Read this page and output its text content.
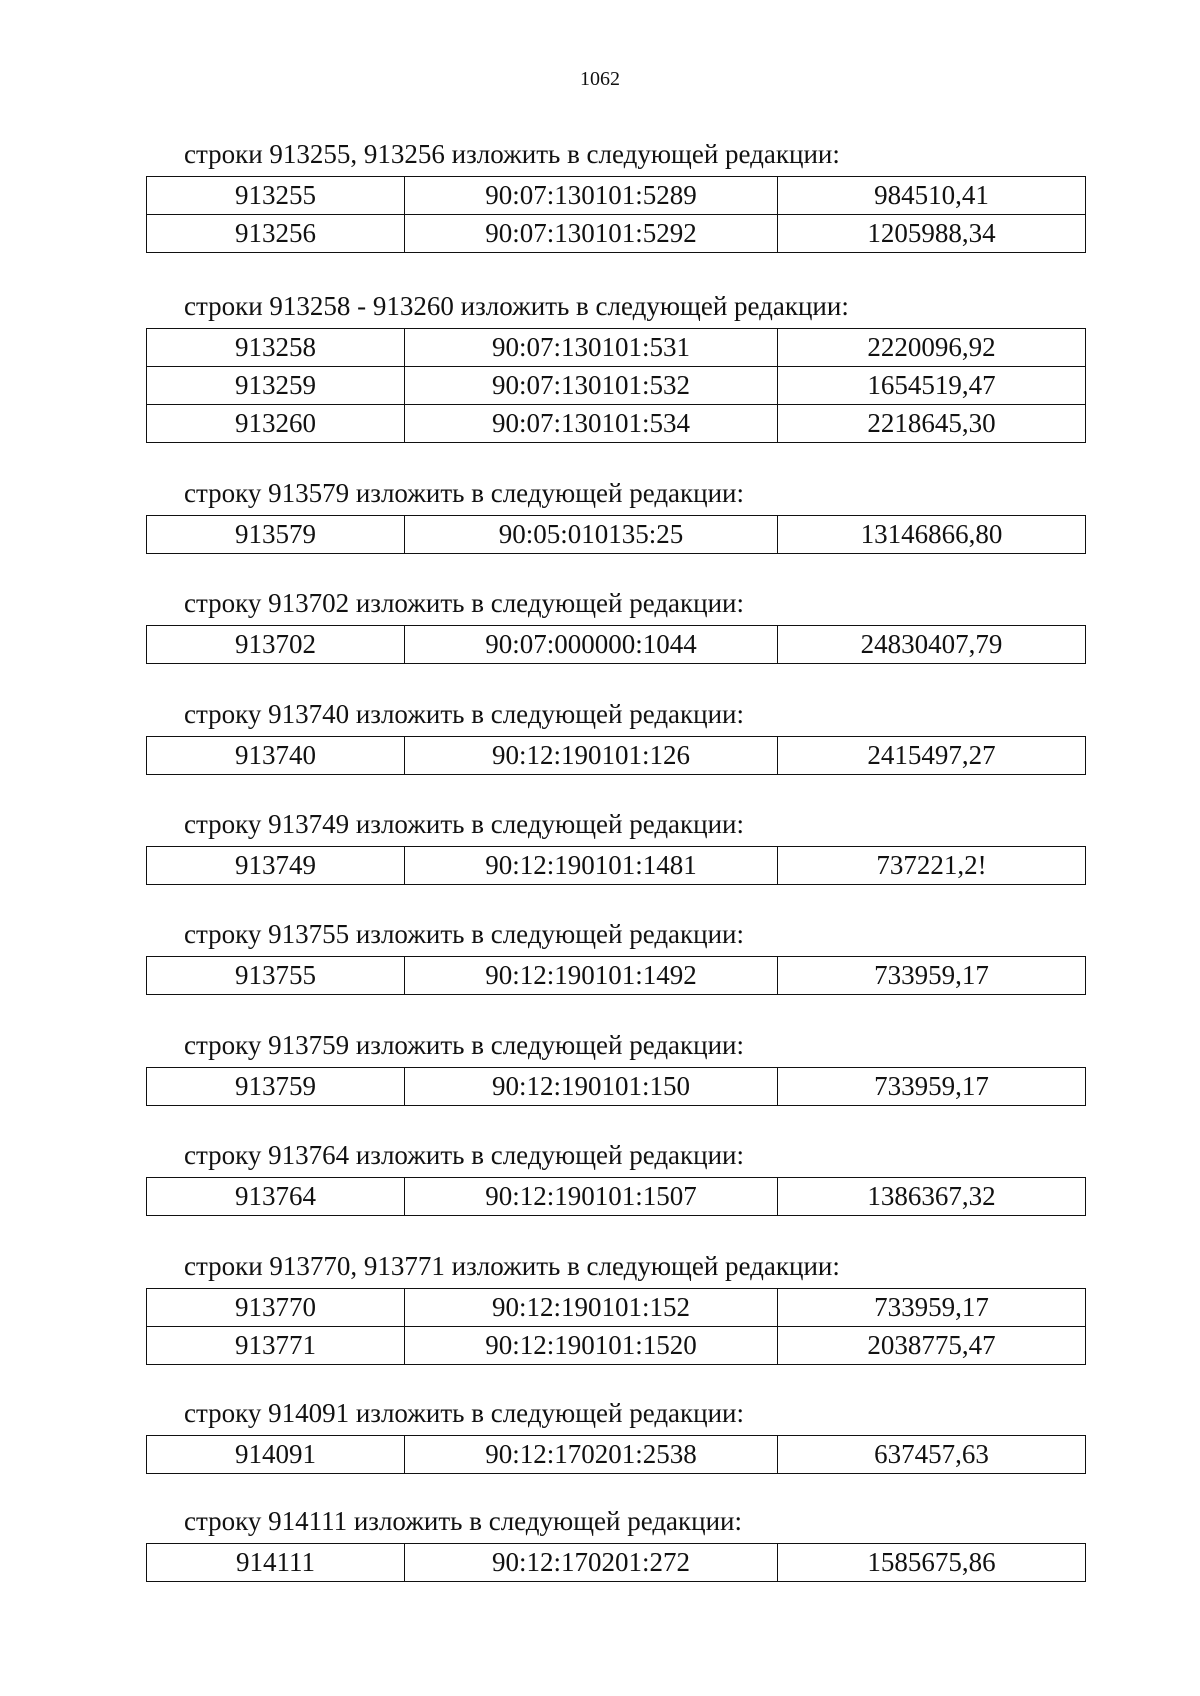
1062
строки 913255, 913256 изложить в следующей редакции:
913255	90:07:130101:5289	984510,41
913256	90:07:130101:5292	1205988,34
строки 913258 - 913260 изложить в следующей редакции:
913258	90:07:130101:531	2220096,92
913259	90:07:130101:532	1654519,47
913260	90:07:130101:534	2218645,30
строку 913579 изложить в следующей редакции:
913579	90:05:010135:25	13146866,80
строку 913702 изложить в следующей редакции:
913702	90:07:000000:1044	24830407,79
строку 913740 изложить в следующей редакции:
913740	90:12:190101:126	2415497,27
строку 913749 изложить в следующей редакции:
913749	90:12:190101:1481	737221,2!
строку 913755 изложить в следующей редакции:
913755	90:12:190101:1492	733959,17
строку 913759 изложить в следующей редакции:
913759	90:12:190101:150	733959,17
строку 913764 изложить в следующей редакции:
913764	90:12:190101:1507	1386367,32
строки 913770, 913771 изложить в следующей редакции:
913770	90:12:190101:152	733959,17
913771	90:12:190101:1520	2038775,47
строку 914091 изложить в следующей редакции:
914091	90:12:170201:2538	637457,63
строку 914111 изложить в следующей редакции:
914111	90:12:170201:272	1585675,86
